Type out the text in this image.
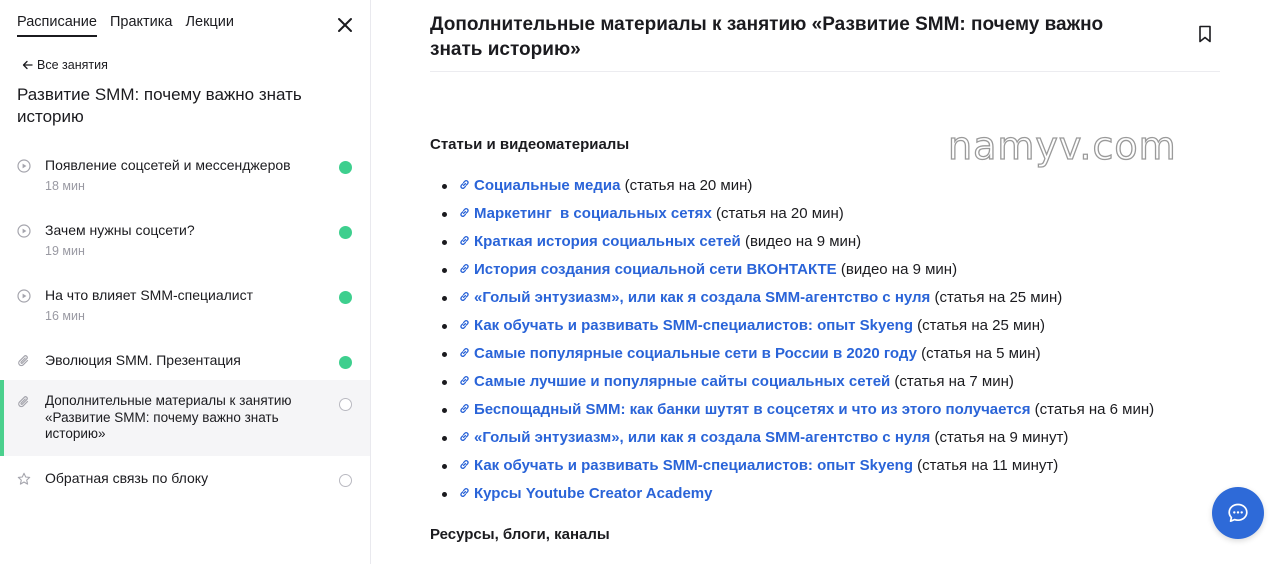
Расписание Практика Лекции
Все занятия
Развитие SMM: почему важно знать историю
Появление соцсетей и мессенджеров
18 мин
Зачем нужны соцсети?
19 мин
На что влияет SMM-специалист
16 мин
Эволюция SMM. Презентация
Дополнительные материалы к занятию «Развитие SMM: почему важно знать историю»
Обратная связь по блоку
Дополнительные материалы к занятию «Развитие SMM: почему важно знать историю»
namyv.com
Статьи и видеоматериалы
Социальные медиа (статья на 20 мин)
Маркетинг  в социальных сетях (статья на 20 мин)
Краткая история социальных сетей (видео на 9 мин)
История создания социальной сети ВКОНТАКТЕ (видео на 9 мин)
«Голый энтузиазм», или как я создала SMM-агентство с нуля (статья на 25 мин)
Как обучать и развивать SMM-специалистов: опыт Skyeng (статья на 25 мин)
Самые популярные социальные сети в России в 2020 году (статья на 5 мин)
Самые лучшие и популярные сайты социальных сетей (статья на 7 мин)
Беспощадный SMM: как банки шутят в соцсетях и что из этого получается (статья на 6 мин)
«Голый энтузиазм», или как я создала SMM-агентство с нуля (статья на 9 минут)
Как обучать и развивать SMM-специалистов: опыт Skyeng (статья на 11 минут)
Курсы Youtube Creator Academy
Ресурсы, блоги, каналы
